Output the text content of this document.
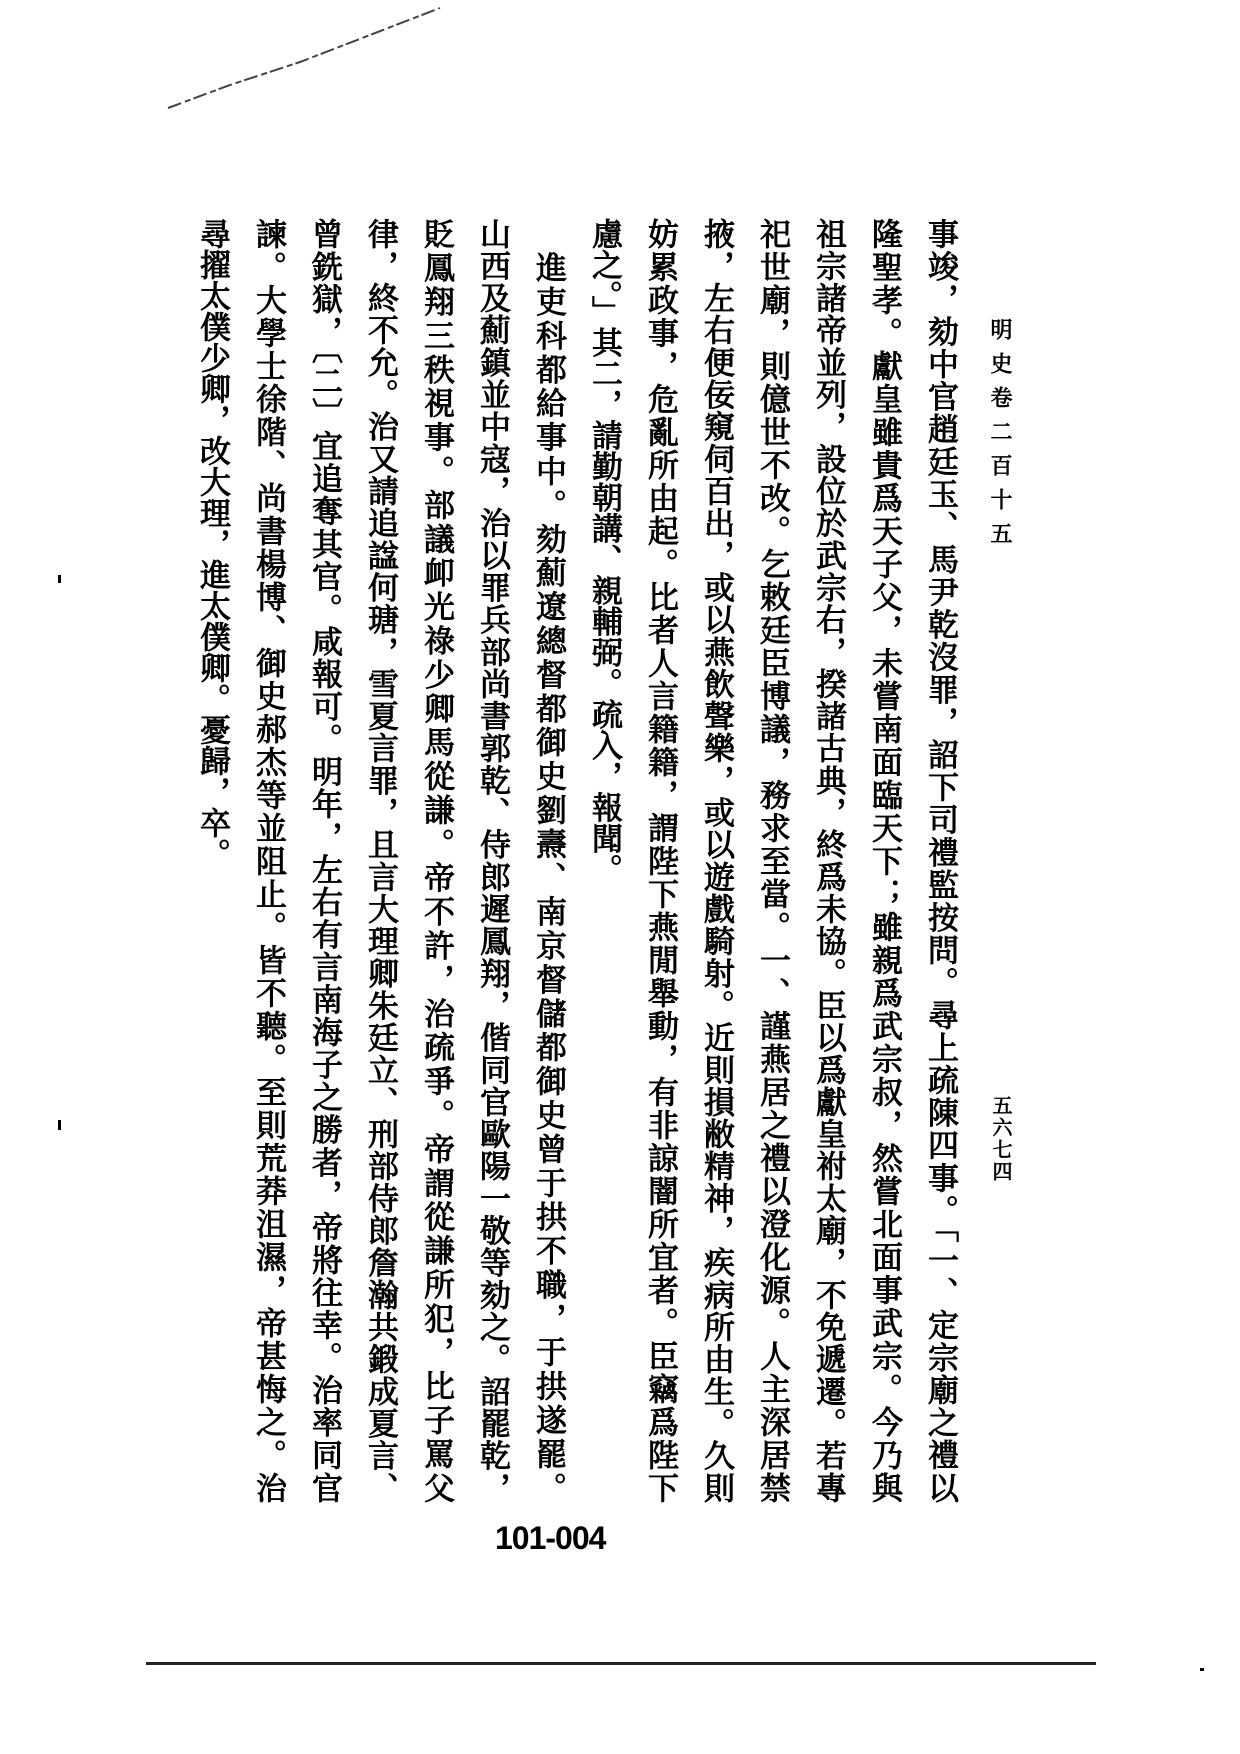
明史卷二百十五
五六七四
事竣，劾中官趙廷玉、馬尹乾沒罪，詔下司禮監按問。尋上疏陳四事。「一、定宗廟之禮以
隆聖孝。獻皇雖貴爲天子父，未嘗南面臨天下；雖親爲武宗叔，然嘗北面事武宗。今乃與
祖宗諸帝並列，設位於武宗右，揆諸古典，終爲未協。臣以爲獻皇祔太廟，不免遞遷。若專
祀世廟，則億世不改。乞敕廷臣博議，務求至當。一、謹燕居之禮以澄化源。人主深居禁
掖，左右便佞窺伺百出，或以燕飲聲樂，或以遊戲騎射。近則損敝精神，疾病所由生。久則
妨累政事，危亂所由起。比者人言籍籍，謂陛下燕閒舉動，有非諒闇所宜者。臣竊爲陛下
慮之。」其二，請勤朝講、親輔弼。疏入，報聞。
　進吏科都給事中。劾薊遼總督都御史劉燾、南京督儲都御史曾于拱不職，于拱遂罷。
山西及薊鎮並中寇，治以罪兵部尚書郭乾、侍郎遲鳳翔，偕同官歐陽一敬等劾之。詔罷乾，
貶鳳翔三秩視事。部議卹光祿少卿馬從謙。帝不許，治疏爭。帝謂從謙所犯，比子罵父
律，終不允。治又請追諡何瑭，雪夏言罪，且言大理卿朱廷立、刑部侍郎詹瀚共鍛成夏言、
曾銑獄，〔二〕宜追奪其官。咸報可。明年，左右有言南海子之勝者，帝將往幸。治率同官
諫。大學士徐階、尚書楊博、御史郝杰等並阻止。皆不聽。至則荒莽沮濕，帝甚悔之。治
尋擢太僕少卿，改大理，進太僕卿。憂歸，卒。
101-004
